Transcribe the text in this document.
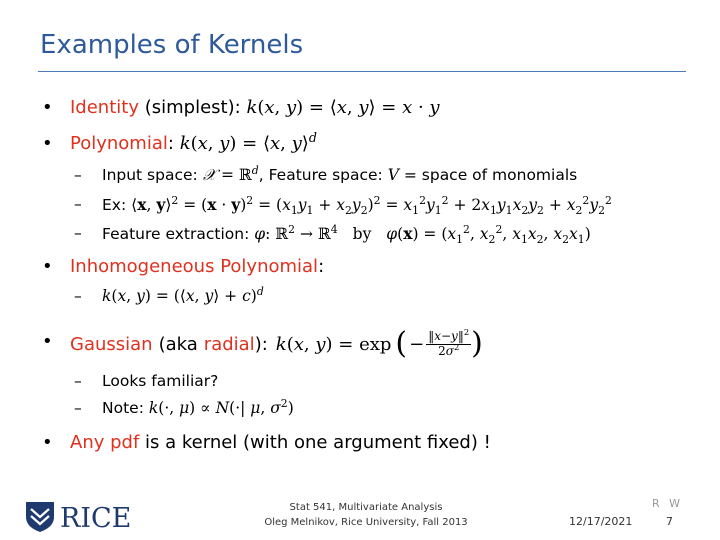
Examples of Kernels
• Identity (simplest): k(x, y) = ⟨x, y⟩ = x · y
• Polynomial: k(x, y) = ⟨x, y⟩$^d$
– Input space: 𝒳 = ℝ$^d$, Feature space: V = space of monomials
– Ex: ⟨x, y⟩$^2$ = $(x \cdot y)^2 = (x_1y_1 + x_2y_2)^2 = x_1^2y_1^2 + 2x_1y_1x_2y_2 + x_2^2y_2^2$
– Feature extraction: φ: ℝ$^2$ → ℝ$^4$ by $\varphi(x) = (x_1^2$, $x_2^2$, $x_1x_2$, $x_2x_1$)
• Inhomogeneous Polynomial:
– k(x, y) = (⟨x, y⟩ + c)$^d$
• Gaussian (aka radial ): k(x, y) = exp ( − $\frac{‖x-y‖^2}{2\sigma^2}$ )
– Looks familiar?
– Note: k(·, μ) ∝ N(·| μ, $\sigma^2$)
• Any pdf is a kernel (with one argument fixed) !
RICE	Stat 541, Multivariate Analysis
Oleg Melnikov, Rice University, Fall 2013	12/17/2021
R W
7
